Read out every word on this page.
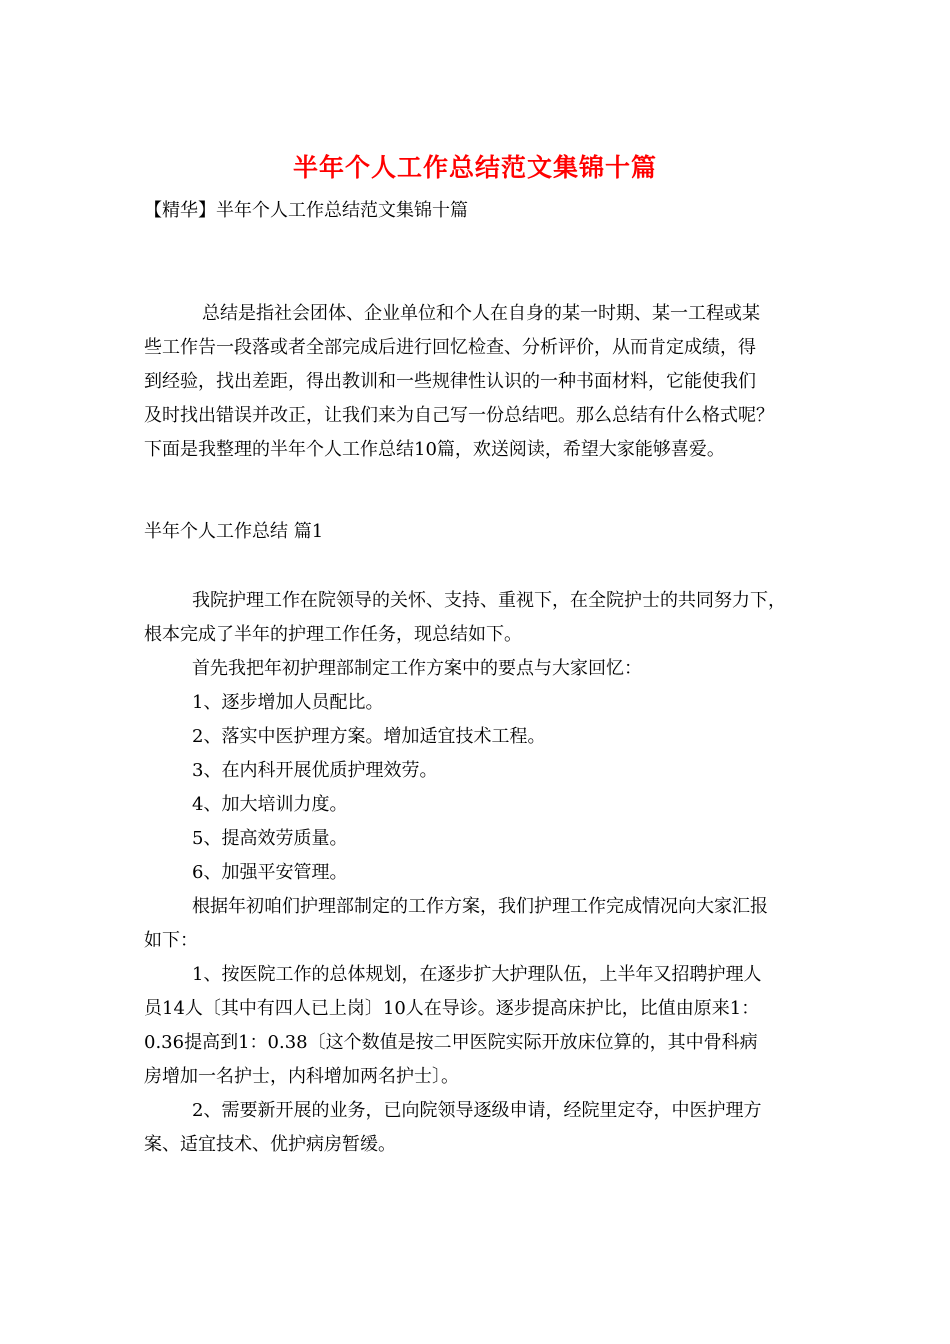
半年个人工作总结范文集锦十篇
【精华】半年个人工作总结范文集锦十篇
总结是指社会团体、企业单位和个人在自身的某一时期、某一工程或某
些工作告一段落或者全部完成后进行回忆检查、分析评价，从而肯定成绩，得
到经验，找出差距，得出教训和一些规律性认识的一种书面材料，它能使我们
及时找出错误并改正，让我们来为自己写一份总结吧。那么总结有什么格式呢？
下面是我整理的半年个人工作总结10篇，欢送阅读，希望大家能够喜爱。
半年个人工作总结 篇1
我院护理工作在院领导的关怀、支持、重视下，在全院护士的共同努力下，
根本完成了半年的护理工作任务，现总结如下。
首先我把年初护理部制定工作方案中的要点与大家回忆：
1、逐步增加人员配比。
2、落实中医护理方案。增加适宜技术工程。
3、在内科开展优质护理效劳。
4、加大培训力度。
5、提高效劳质量。
6、加强平安管理。
根据年初咱们护理部制定的工作方案，我们护理工作完成情况向大家汇报
如下：
1、按医院工作的总体规划，在逐步扩大护理队伍，上半年又招聘护理人
员14人〔其中有四人已上岗〕10人在导诊。逐步提高床护比，比值由原来1：
0.36提高到1：0.38〔这个数值是按二甲医院实际开放床位算的，其中骨科病
房增加一名护士，内科增加两名护士〕。
2、需要新开展的业务，已向院领导逐级申请，经院里定夺，中医护理方
案、适宜技术、优护病房暂缓。
